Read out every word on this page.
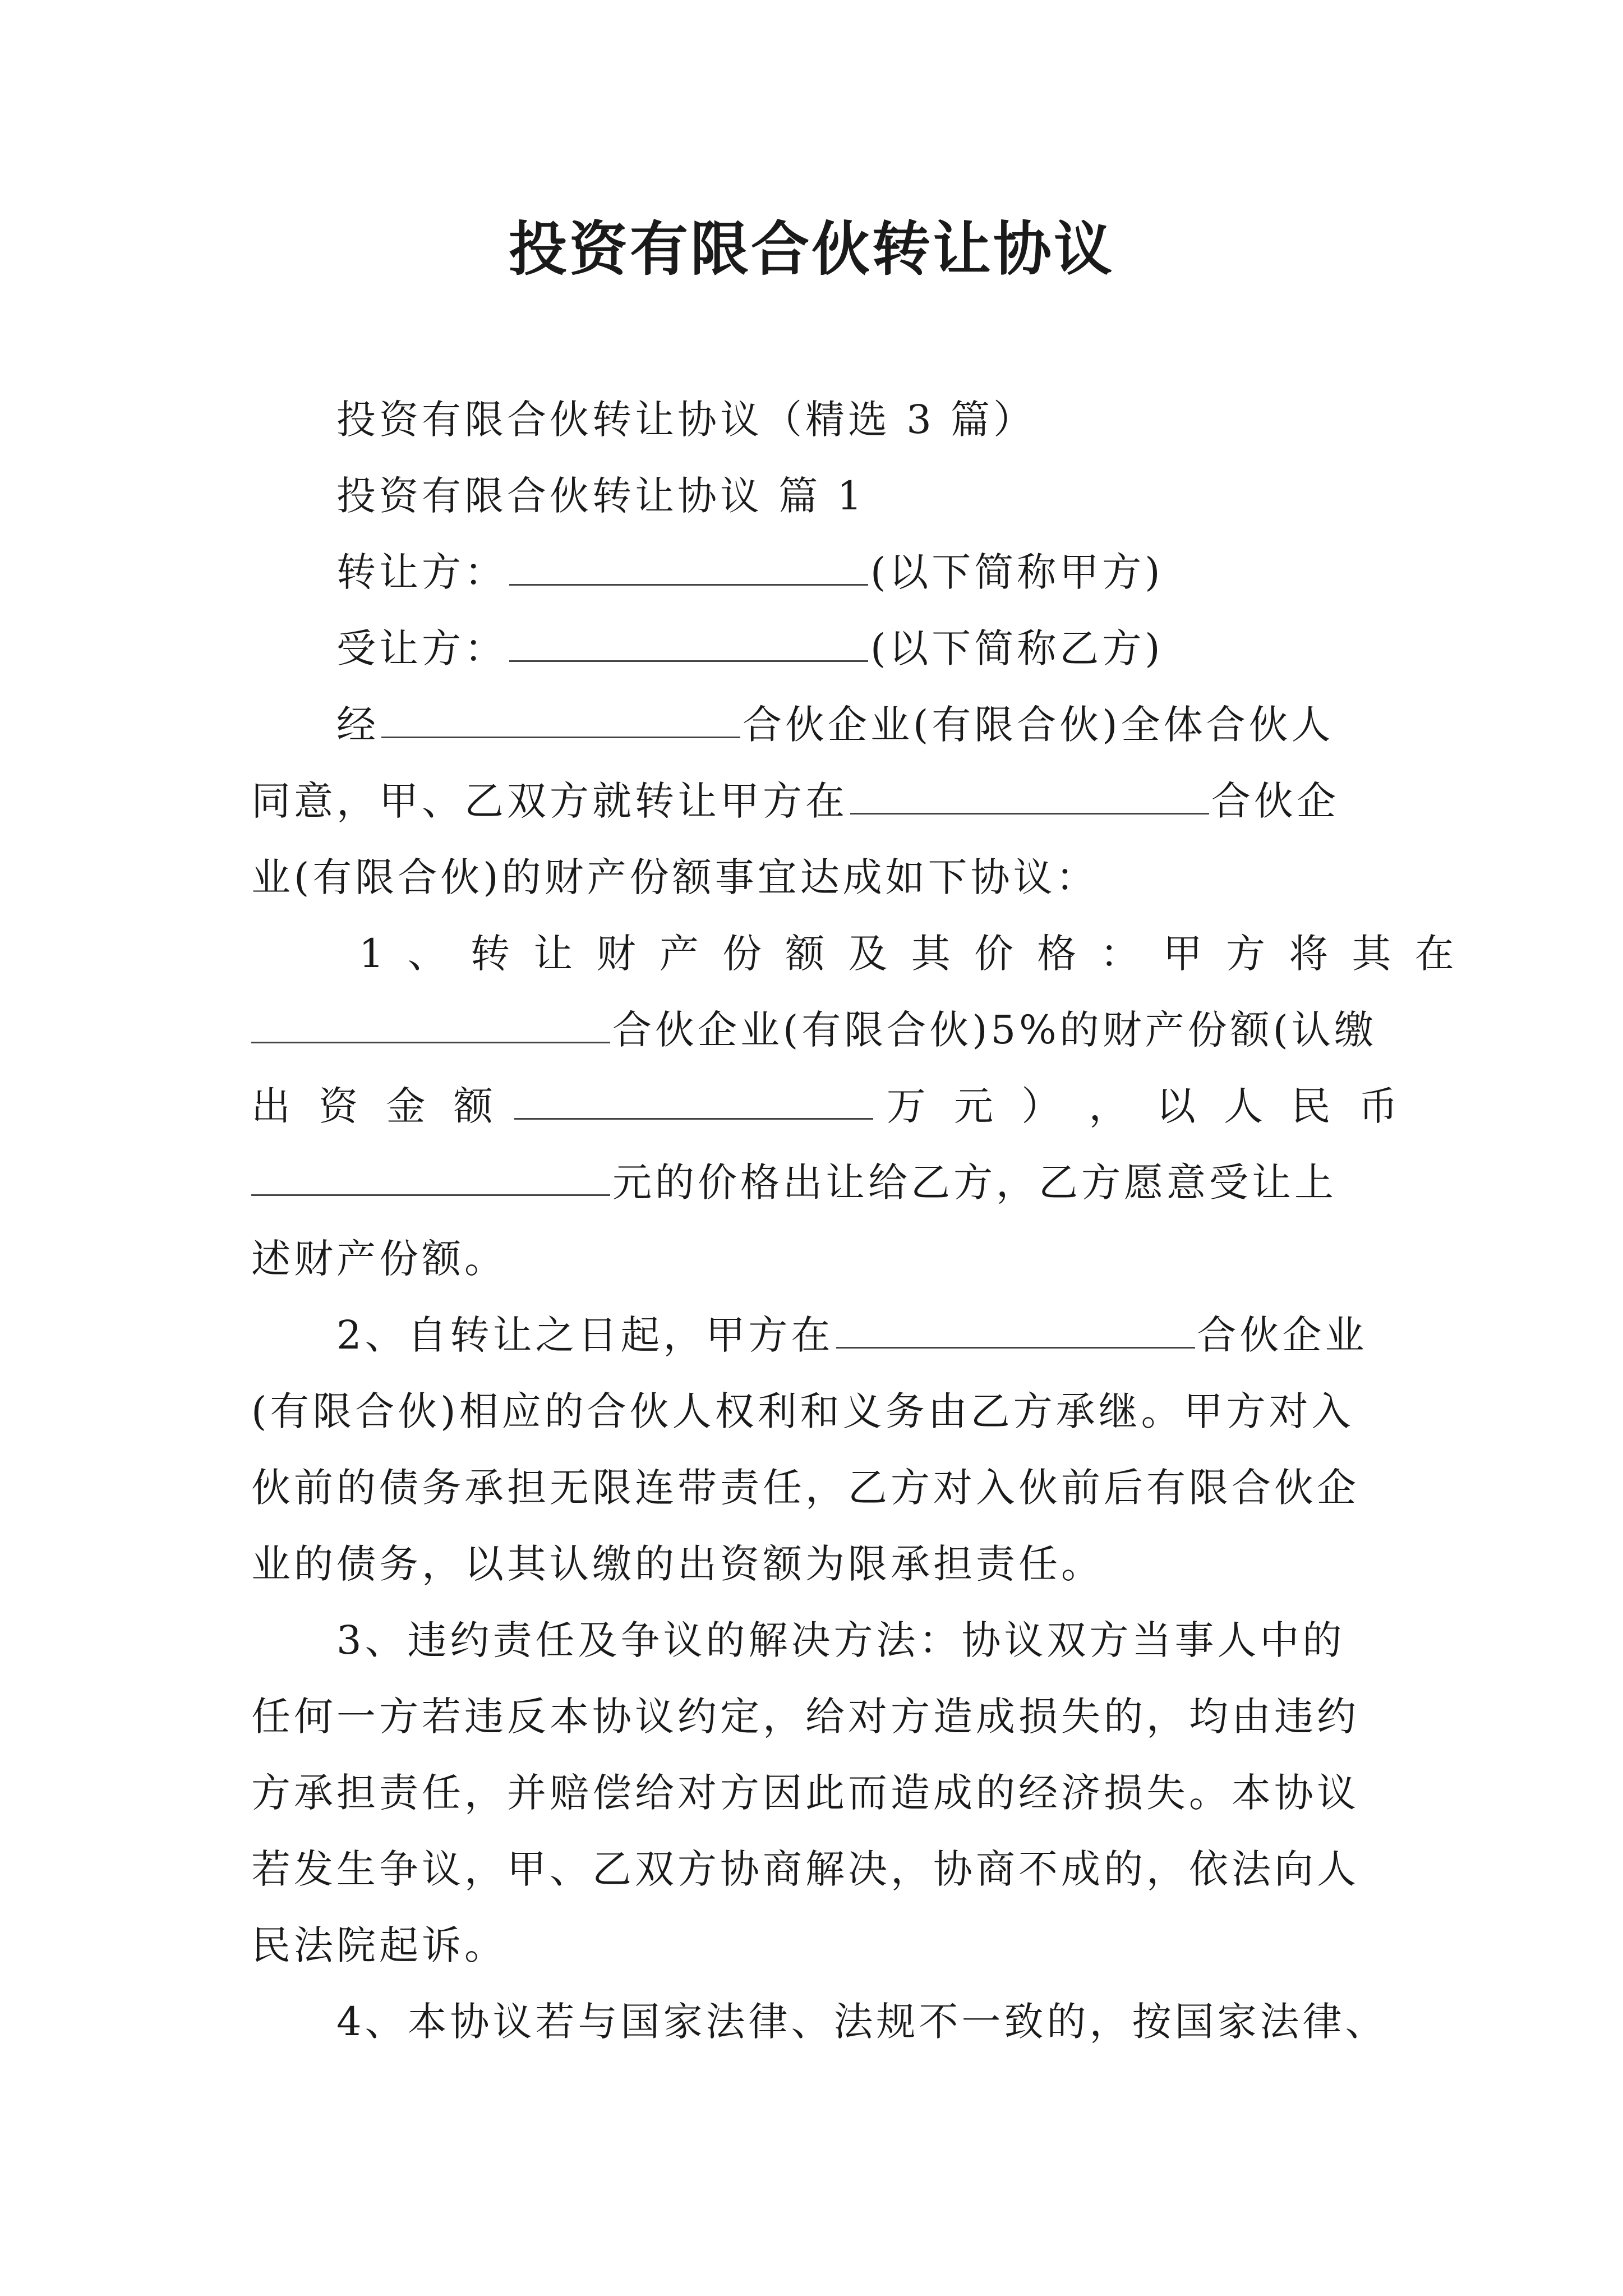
投资有限合伙转让协议
投资有限合伙转让协议（精选 3 篇）
投资有限合伙转让协议 篇 1
转让方：	(以下简称甲方)
受让方：	(以下简称乙方)
经	合伙企业(有限合伙)全体合伙人
同意，甲、乙双方就转让甲方在	合伙企
业(有限合伙)的财产份额事宜达成如下协议：
1 、 转 让 财 产 份 额 及 其 价 格 ： 甲 方 将 其 在
合伙企业(有限合伙)5%的财产份额(认缴
出 资 金 额	万 元 ） ， 以 人 民 币
元的价格出让给乙方，乙方愿意受让上
述财产份额。
2、自转让之日起，甲方在	合伙企业
(有限合伙)相应的合伙人权利和义务由乙方承继。甲方对入
伙前的债务承担无限连带责任，乙方对入伙前后有限合伙企
业的债务，以其认缴的出资额为限承担责任。
3、违约责任及争议的解决方法：协议双方当事人中的
任何一方若违反本协议约定，给对方造成损失的，均由违约
方承担责任，并赔偿给对方因此而造成的经济损失。本协议
若发生争议，甲、乙双方协商解决，协商不成的，依法向人
民法院起诉。
4、本协议若与国家法律、法规不一致的，按国家法律、
